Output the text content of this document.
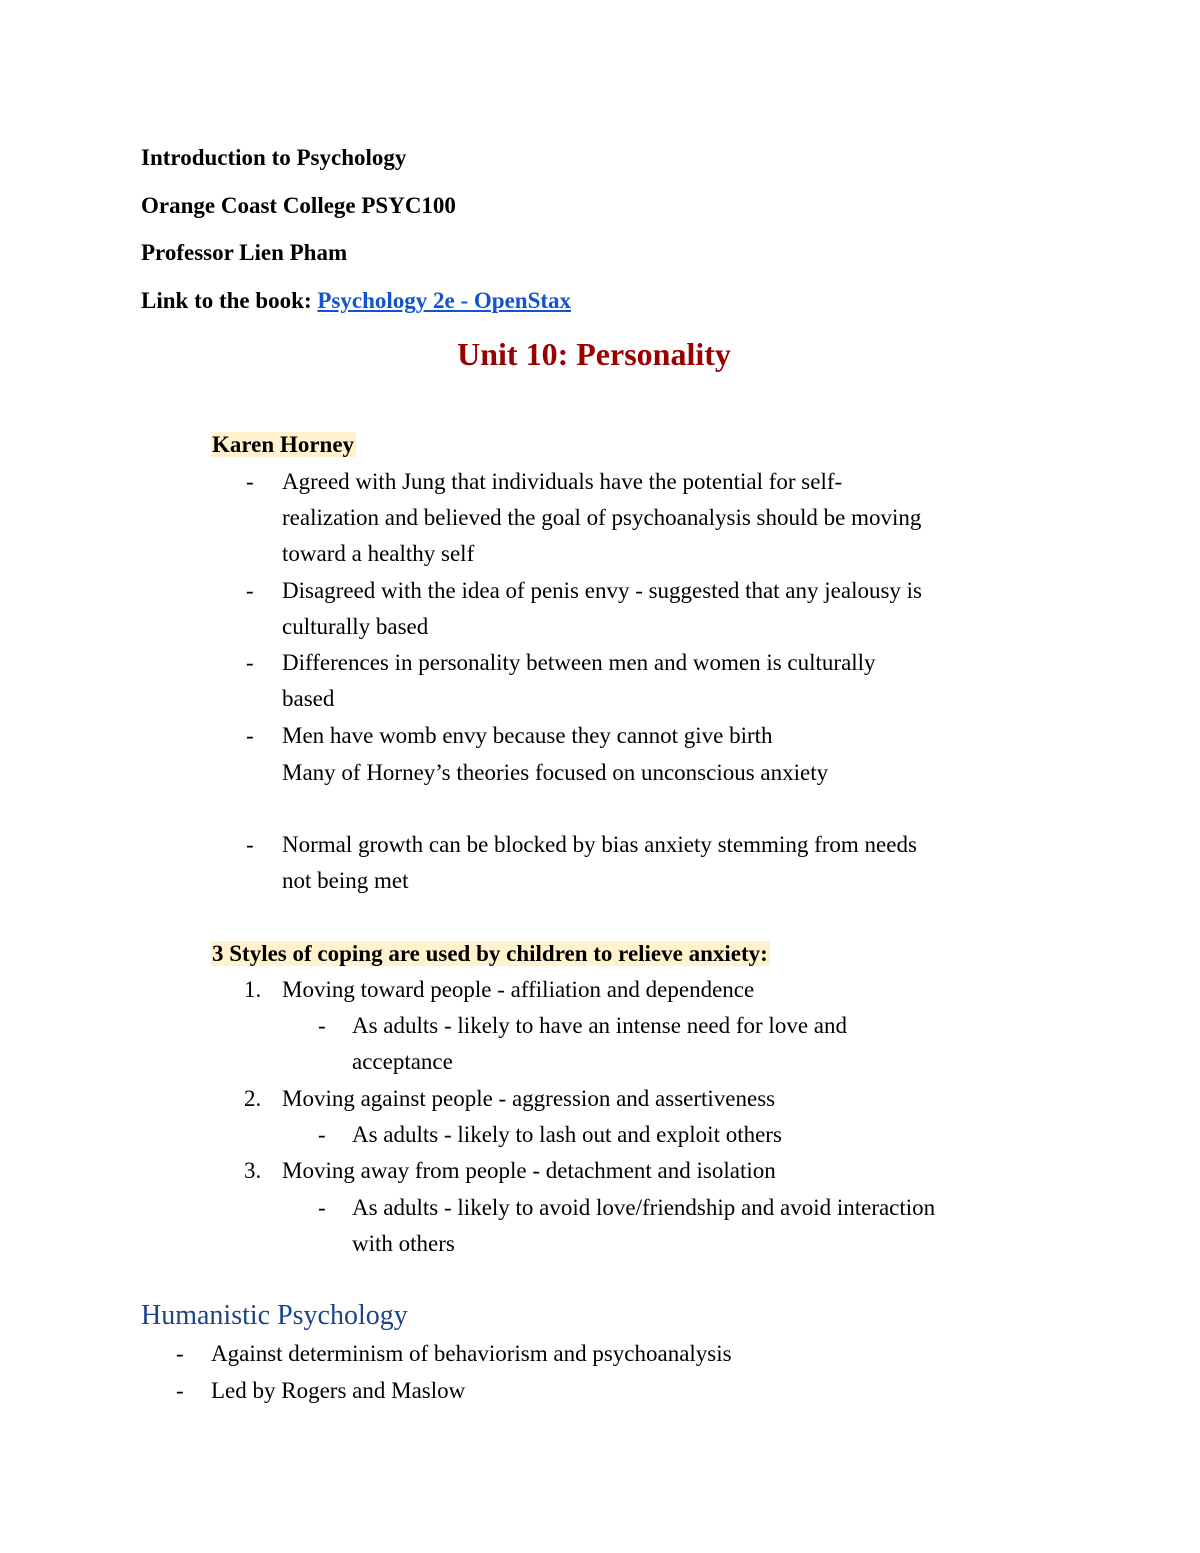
Introduction to Psychology
Orange Coast College PSYC100
Professor Lien Pham
Link to the book: Psychology 2e - OpenStax
Unit 10: Personality
Karen Horney
- Agreed with Jung that individuals have the potential for self-
realization and believed the goal of psychoanalysis should be moving
toward a healthy self
- Disagreed with the idea of penis envy - suggested that any jealousy is
culturally based
- Differences in personality between men and women is culturally
based
- Men have womb envy because they cannot give birth
Many of Horney’s theories focused on unconscious anxiety
- Normal growth can be blocked by bias anxiety stemming from needs
not being met
3 Styles of coping are used by children to relieve anxiety:
1. Moving toward people - affiliation and dependence
- As adults - likely to have an intense need for love and
acceptance
2. Moving against people - aggression and assertiveness
- As adults - likely to lash out and exploit others
3. Moving away from people - detachment and isolation
- As adults - likely to avoid love/friendship and avoid interaction
with others
Humanistic Psychology
- Against determinism of behaviorism and psychoanalysis
- Led by Rogers and Maslow
